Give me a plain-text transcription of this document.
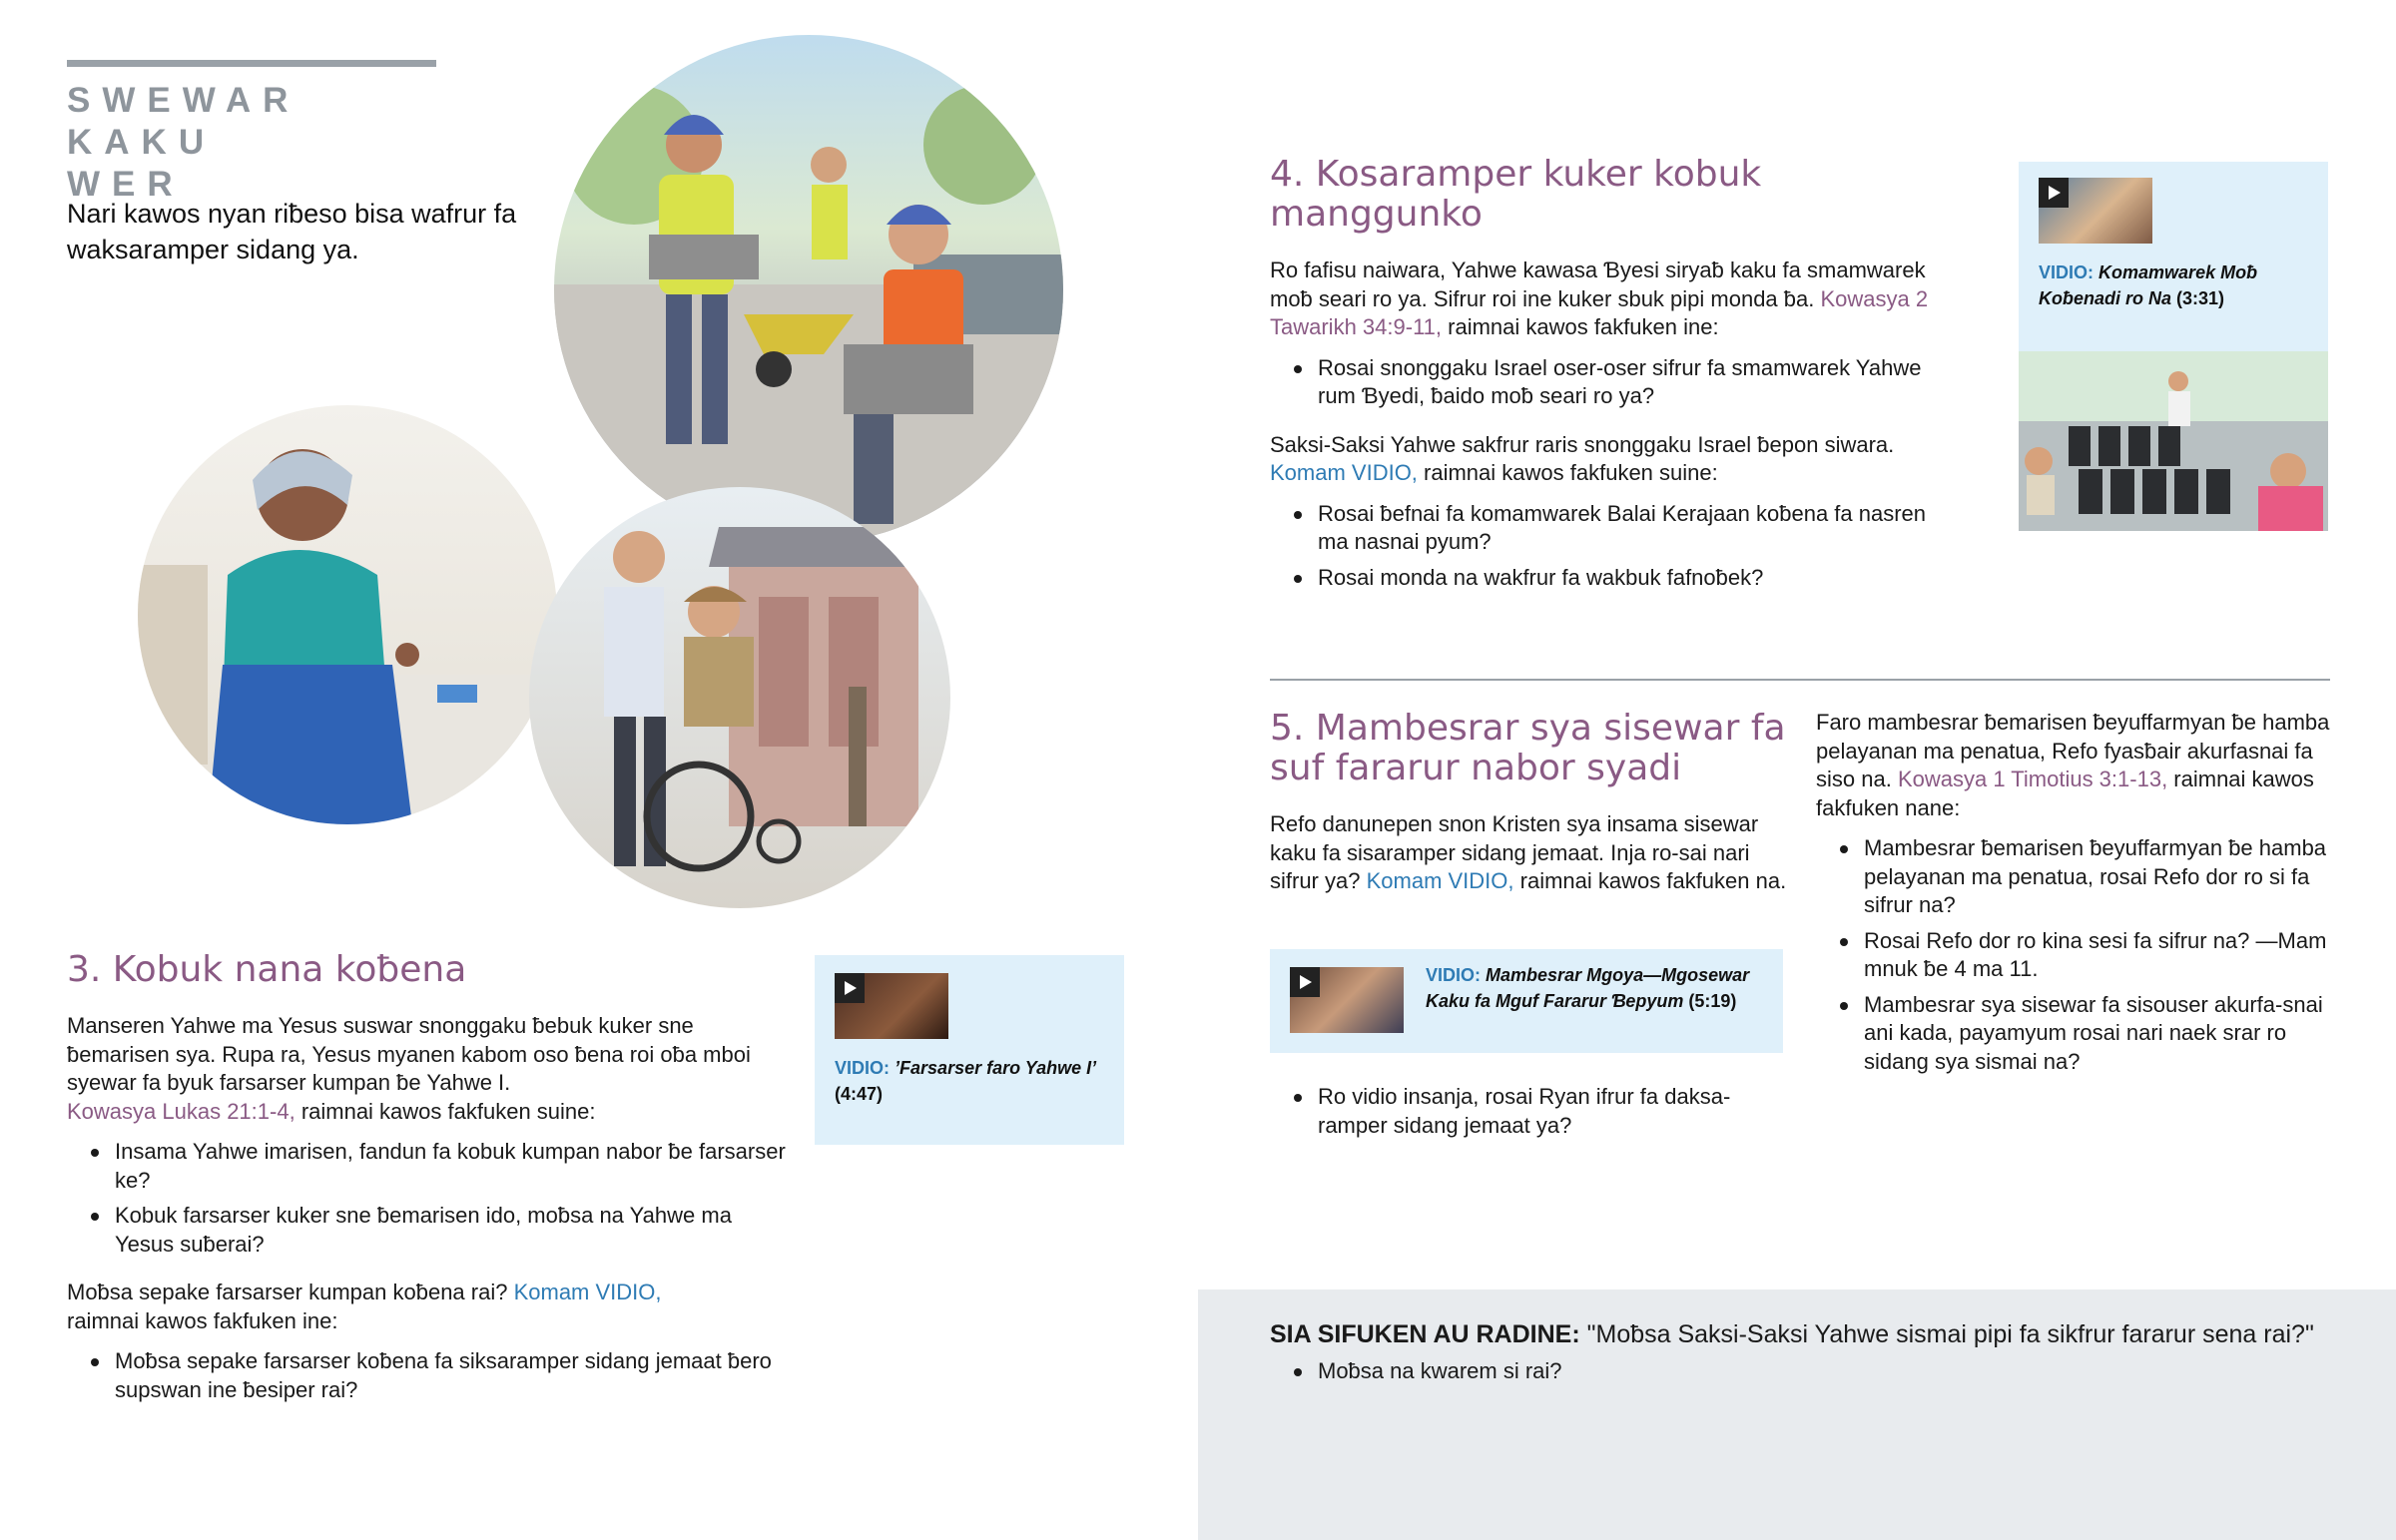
SWEWAR KAKU
WER
Nari kawos nyan riƀeso bisa wafrur fa waksaramper sidang ya.
3. Kobuk nana koƀena

Manseren Yahwe ma Yesus suswar snonggaku ƀebuk kuker sne ƀemarisen sya. Rupa ra, Yesus myanen kabom oso ƀena roi oƀa mboi syewar fa byuk farsarser kumpan ƀe Yahwe I.
Kowasya Lukas 21:1-4, raimnai kawos fakfuken suine:

Insama Yahwe imarisen, fandun fa kobuk kumpan nabor ƀe farsarser ke?
Kobuk farsarser kuker sne ƀemarisen ido, moƀsa na Yahwe ma Yesus suƀerai?

Moƀsa sepake farsarser kumpan koƀena rai? Komam VIDIO,
raimnai kawos fakfuken ine:

Moƀsa sepake farsarser koƀena fa siksaramper sidang jemaat ƀero supswan ine ƀesiper rai?
VIDIO: ’Farsarser faro Yahwe I’
(4:47)
4. Kosaramper kuker kobuk manggunko

Ro fafisu naiwara, Yahwe kawasa Ɓyesi siryaƀ kaku fa smamwarek moƀ seari ro ya. Sifrur roi ine kuker sbuk pipi monda ƀa. Kowasya 2 Tawarikh 34:9-11, raimnai kawos fakfuken ine:

Rosai snonggaku Israel oser-oser sifrur fa smamwarek Yahwe rum Ɓyedi, ƀaido moƀ seari ro ya?

Saksi-Saksi Yahwe sakfrur raris snonggaku Israel ƀepon siwara.
Komam VIDIO, raimnai kawos fakfuken suine:

Rosai ƀefnai fa komamwarek Balai Kerajaan koƀena fa nasren ma nasnai pyum?
Rosai monda na wakfrur fa wakbuk fafnoƀek?
VIDIO: Komamwarek Moƀ Koƀenadi ro Na (3:31)
5. Mambesrar sya sisewar fa suf fararur nabor syadi

Refo danunepen snon Kristen sya insama sisewar kaku fa sisaramper sidang jemaat. Inja ro-sai nari sifrur ya? Komam VIDIO, raimnai kawos fakfuken na.

VIDIO: Mambesrar Mgoya—Mgosewar Kaku fa Mguf Fararur Ɓepyum (5:19)
Ro vidio insanja, rosai Ryan ifrur fa daksa-ramper sidang jemaat ya?

Faro mambesrar ƀemarisen ƀeyuffarmyan ƀe hamba pelayanan ma penatua, Refo fyasƀair akurfasnai fa siso na. Kowasya 1 Timotius 3:1-13, raimnai kawos fakfuken nane:

Mambesrar ƀemarisen ƀeyuffarmyan ƀe hamba pelayanan ma penatua, rosai Refo dor ro si fa sifrur na?
Rosai Refo dor ro kina sesi fa sifrur na? —Mam mnuk ƀe 4 ma 11.
Mambesrar sya sisewar fa sisouser akurfa-snai ani kada, payamyum rosai nari naek srar ro sidang sya sismai na?

SIA SIFUKEN AU RADINE: "Moƀsa Saksi-Saksi Yahwe sismai pipi fa sikfrur fararur sena rai?"

Moƀsa na kwarem si rai?
